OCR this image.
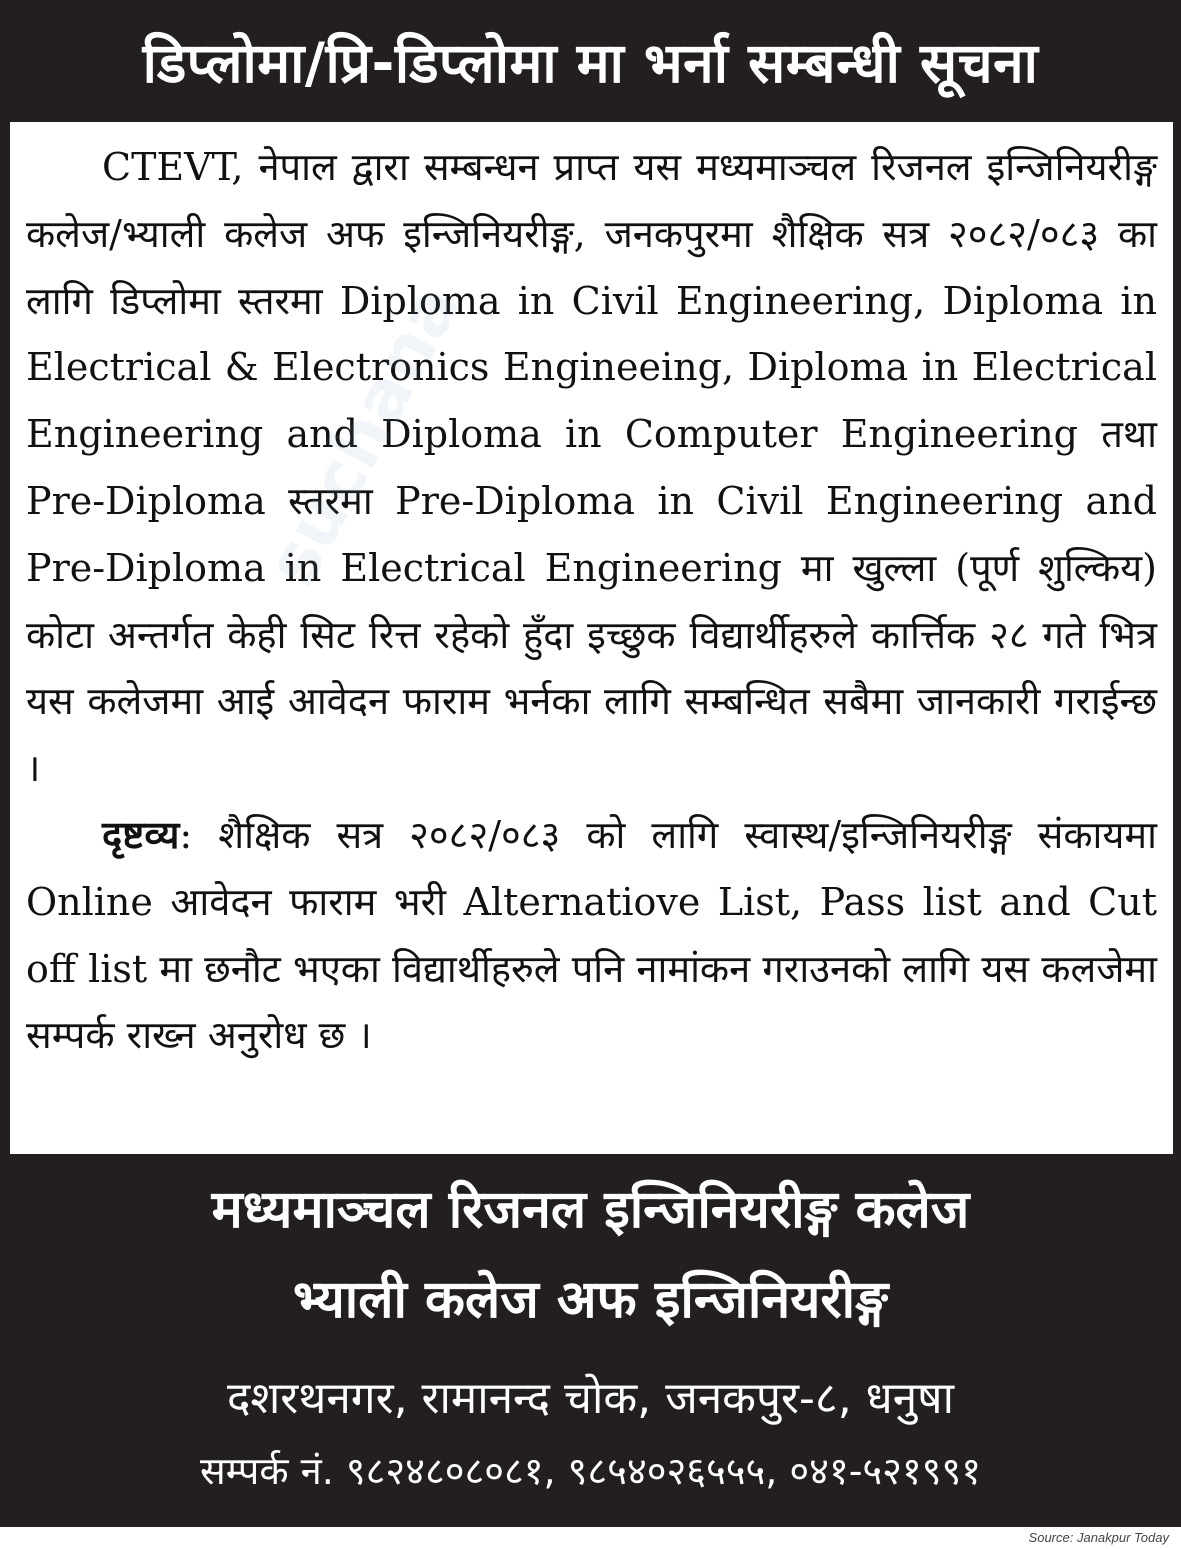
डिप्लोमा/प्रि-डिप्लोमा मा भर्ना सम्बन्धी सूचना

CTEVT, नेपाल द्वारा सम्बन्धन प्राप्त यस मध्यमाञ्चल रिजनल इन्जिनियरीङ्ग कलेज/भ्याली कलेज अफ इन्जिनियरीङ्ग, जनकपुरमा शैक्षिक सत्र २०८२/०८३ का लागि डिप्लोमा स्तरमा Diploma in Civil Engineering, Diploma in Electrical & Electronics Engineeing, Diploma in Electrical Engineering and Diploma in Computer Engineering तथा Pre-Diploma स्तरमा Pre-Diploma in Civil Engineering and Pre-Diploma in Electrical Engineering मा खुल्ला (पूर्ण शुल्किय) कोटा अन्तर्गत केही सिट रित्त रहेको हुँदा इच्छुक विद्यार्थीहरुले कार्त्तिक २८ गते भित्र यस कलेजमा आई आवेदन फाराम भर्नका लागि सम्बन्धित सबैमा जानकारी गराईन्छ ।

दृष्टव्य: शैक्षिक सत्र २०८२/०८३ को लागि स्वास्थ/इन्जिनियरीङ्ग संकायमा Online आवेदन फाराम भरी Alternatiove List, Pass list and Cut off list मा छनौट भएका विद्यार्थीहरुले पनि नामांकन गराउनको लागि यस कलजेमा सम्पर्क राख्न अनुरोध छ ।

मध्यमाञ्चल रिजनल इन्जिनियरीङ्ग कलेज
भ्याली कलेज अफ इन्जिनियरीङ्ग
दशरथनगर, रामानन्द चोक, जनकपुर-८, धनुषा
सम्पर्क नं. ९८२४८०८०८१, ९८५४०२६५५५, ०४१-५२१९९१
Source: Janakpur Today
